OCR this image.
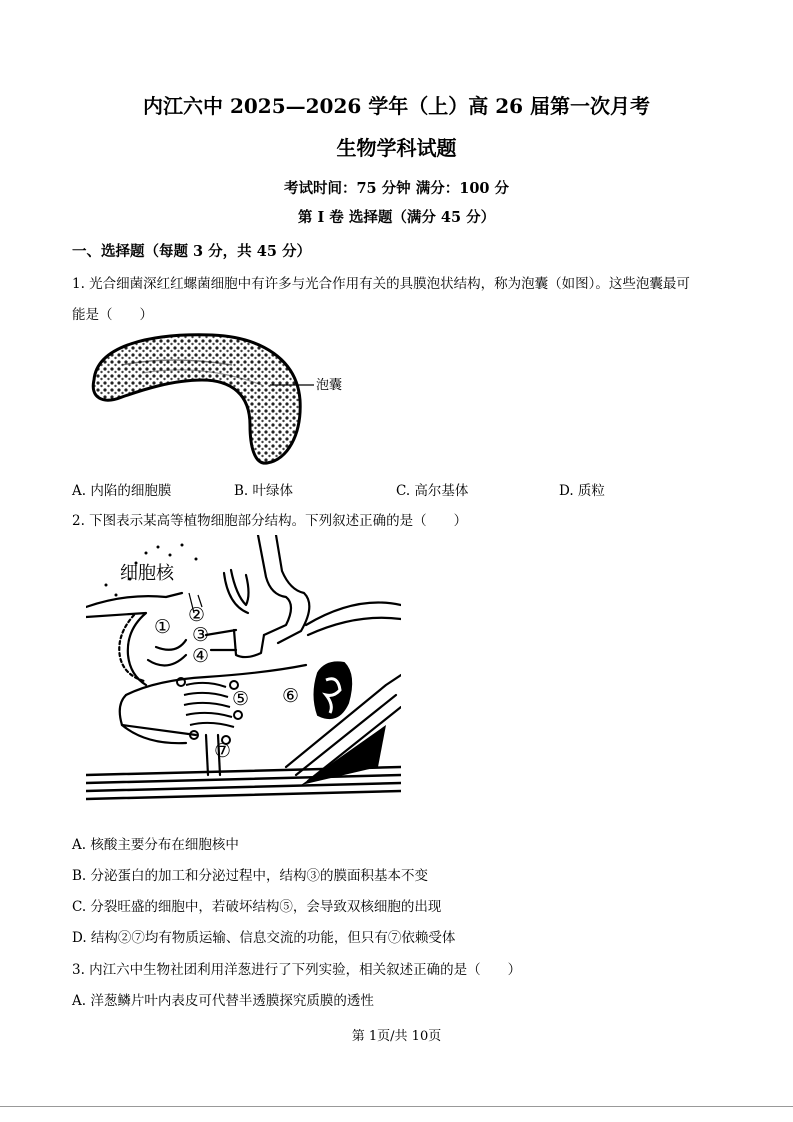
内江六中 2025—2026 学年（上）高 26 届第一次月考
生物学科试题
考试时间：75 分钟 满分：100 分
第 I 卷 选择题（满分 45 分）
一、选择题（每题 3 分，共 45 分）
1. 光合细菌深红红螺菌细胞中有许多与光合作用有关的具膜泡状结构，称为泡囊（如图）。这些泡囊最可
能是（　　）
泡囊
A. 内陷的细胞膜	B. 叶绿体	C. 高尔基体	D. 质粒
2. 下图表示某高等植物细胞部分结构。下列叙述正确的是（　　）
细胞核
①
②
③
④
⑤ ⑥
⑦
A. 核酸主要分布在细胞核中
B. 分泌蛋白的加工和分泌过程中，结构③的膜面积基本不变
C. 分裂旺盛的细胞中，若破坏结构⑤，会导致双核细胞的出现
D. 结构②⑦均有物质运输、信息交流的功能，但只有⑦依赖受体
3. 内江六中生物社团利用洋葱进行了下列实验，相关叙述正确的是（　　）
A. 洋葱鳞片叶内表皮可代替半透膜探究质膜的透性
第 1页/共 10页
